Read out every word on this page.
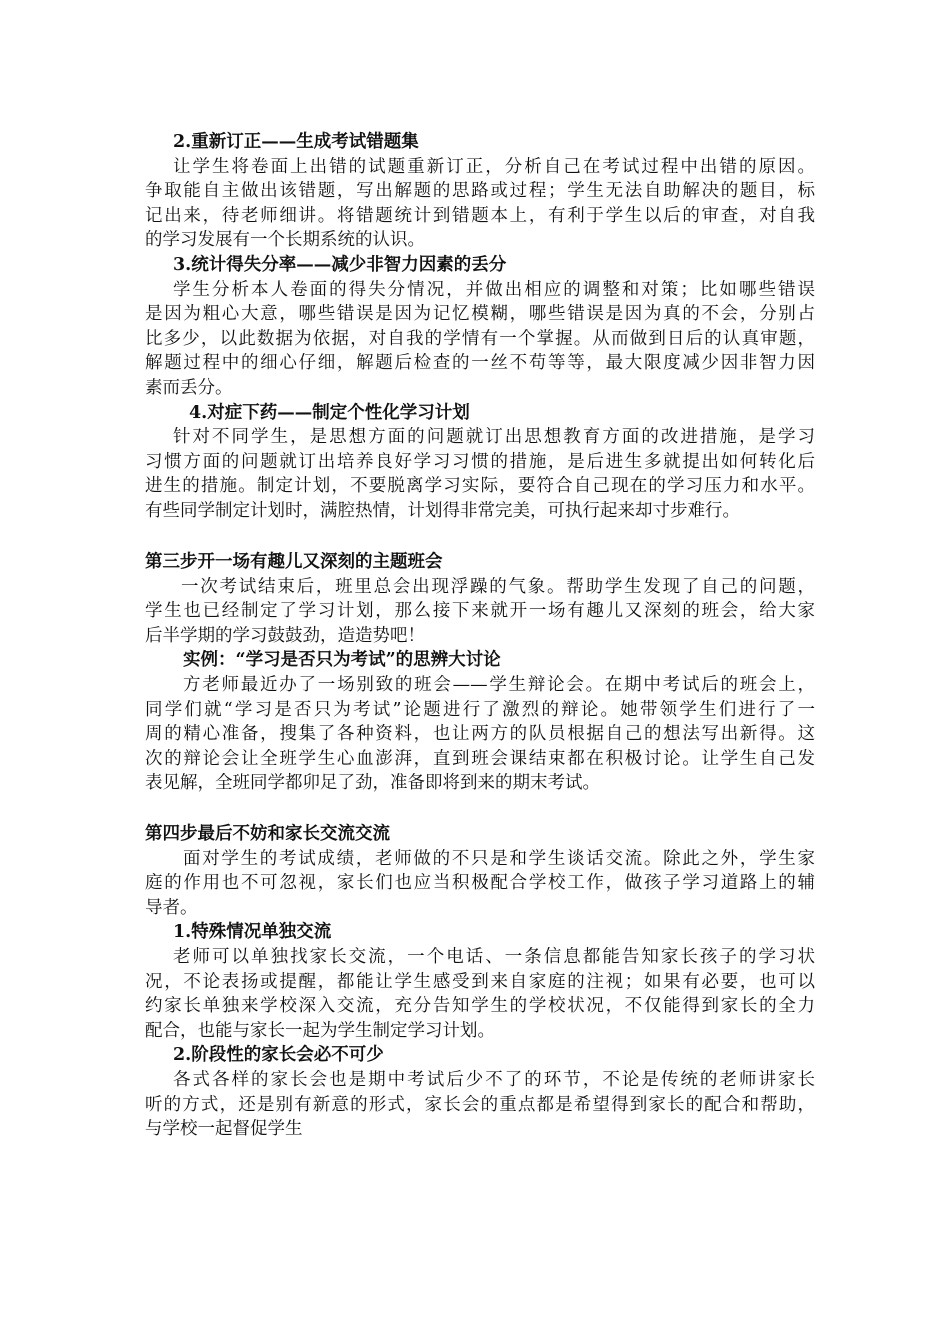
2.重新订正——生成考试错题集
让学生将卷面上出错的试题重新订正，分析自己在考试过程中出错的原因。
争取能自主做出该错题，写出解题的思路或过程；学生无法自助解决的题目，标
记出来，待老师细讲。将错题统计到错题本上，有利于学生以后的审查，对自我
的学习发展有一个长期系统的认识。
3.统计得失分率——减少非智力因素的丢分
学生分析本人卷面的得失分情况，并做出相应的调整和对策；比如哪些错误
是因为粗心大意，哪些错误是因为记忆模糊，哪些错误是因为真的不会，分别占
比多少，以此数据为依据，对自我的学情有一个掌握。从而做到日后的认真审题，
解题过程中的细心仔细，解题后检查的一丝不苟等等，最大限度减少因非智力因
素而丢分。
4.对症下药——制定个性化学习计划
针对不同学生，是思想方面的问题就订出思想教育方面的改进措施，是学习
习惯方面的问题就订出培养良好学习习惯的措施，是后进生多就提出如何转化后
进生的措施。制定计划，不要脱离学习实际，要符合自己现在的学习压力和水平。
有些同学制定计划时，满腔热情，计划得非常完美，可执行起来却寸步难行。
第三步开一场有趣儿又深刻的主题班会
一次考试结束后，班里总会出现浮躁的气象。帮助学生发现了自己的问题，
学生也已经制定了学习计划，那么接下来就开一场有趣儿又深刻的班会，给大家
后半学期的学习鼓鼓劲，造造势吧！
实例：“学习是否只为考试”的思辨大讨论
方老师最近办了一场别致的班会——学生辩论会。在期中考试后的班会上，
同学们就“学习是否只为考试”论题进行了激烈的辩论。她带领学生们进行了一
周的精心准备，搜集了各种资料，也让两方的队员根据自己的想法写出新得。这
次的辩论会让全班学生心血澎湃，直到班会课结束都在积极讨论。让学生自己发
表见解，全班同学都卯足了劲，准备即将到来的期末考试。
第四步最后不妨和家长交流交流
面对学生的考试成绩，老师做的不只是和学生谈话交流。除此之外，学生家
庭的作用也不可忽视，家长们也应当积极配合学校工作，做孩子学习道路上的辅
导者。
1.特殊情况单独交流
老师可以单独找家长交流，一个电话、一条信息都能告知家长孩子的学习状
况，不论表扬或提醒，都能让学生感受到来自家庭的注视；如果有必要，也可以
约家长单独来学校深入交流，充分告知学生的学校状况，不仅能得到家长的全力
配合，也能与家长一起为学生制定学习计划。
2.阶段性的家长会必不可少
各式各样的家长会也是期中考试后少不了的环节，不论是传统的老师讲家长
听的方式，还是别有新意的形式，家长会的重点都是希望得到家长的配合和帮助，
与学校一起督促学生
